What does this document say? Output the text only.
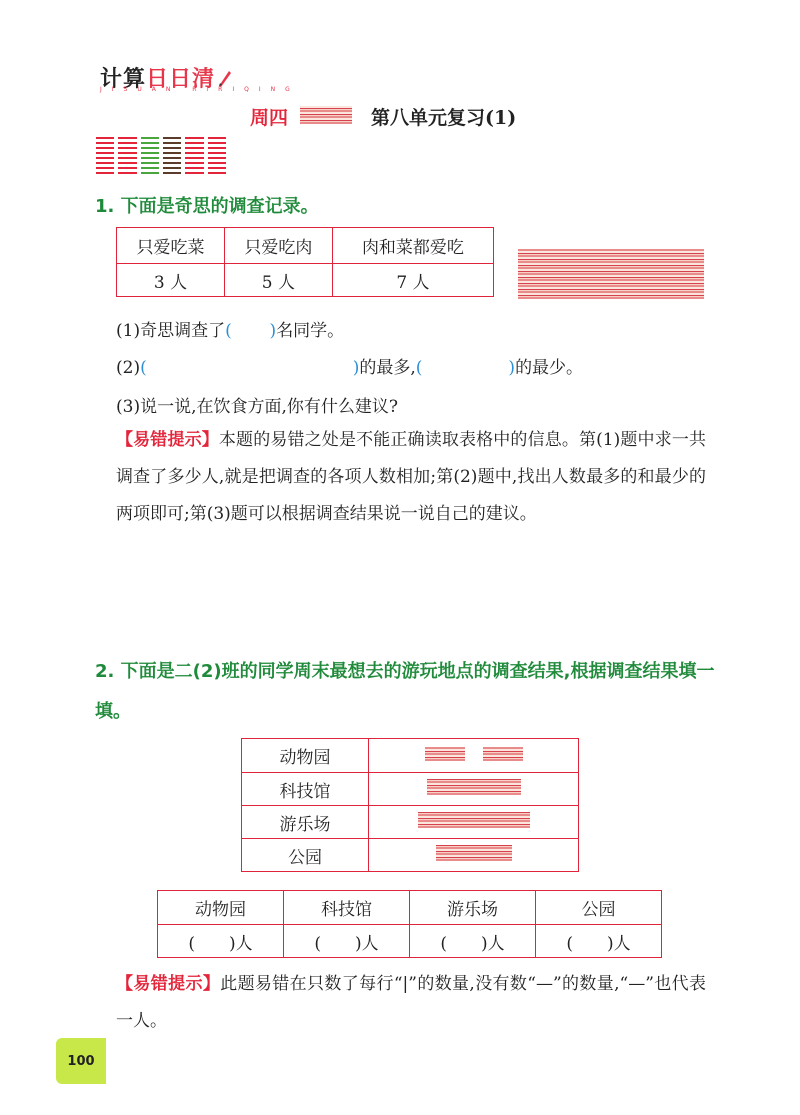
计算日日清
JISUAN RIRIQING
周四	第八单元复习(1)
1. 下面是奇思的调查记录。
只爱吃菜	只爱吃肉	肉和菜都爱吃
3 人	5 人	7 人
(1)奇思调查了(       )名同学。
(2)(	)的最多,(	)的最少。
(3)说一说,在饮食方面,你有什么建议?
【易错提示】本题的易错之处是不能正确读取表格中的信息。第(1)题中求一共调查了多少人,就是把调查的各项人数相加;第(2)题中,找出人数最多的和最少的两项即可;第(3)题可以根据调查结果说一说自己的建议。
2. 下面是二(2)班的同学周末最想去的游玩地点的调查结果,根据调查结果填一填。
动物园	
科技馆	
游乐场	
公园	
动物园	科技馆	游乐场	公园
( )人	( )人	( )人	( )人
【易错提示】此题易错在只数了每行“|”的数量,没有数“—”的数量,“—”也代表一人。
100
